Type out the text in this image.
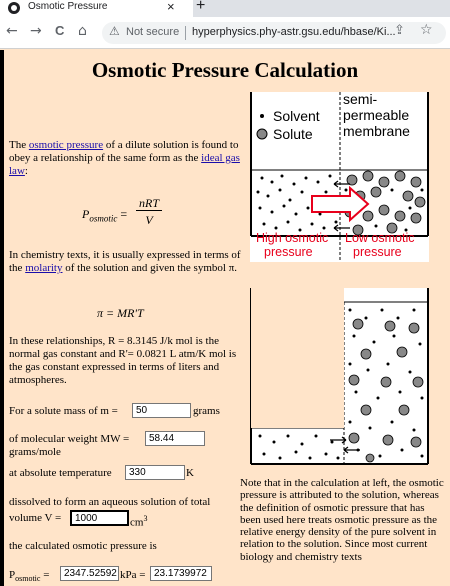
Osmotic Pressure	× +
← → C ⌂ ⚠ Not secure hyperphysics.phy-astr.gsu.edu/hbase/Ki...
⇪ ☆
Osmotic Pressure Calculation
The osmotic pressure of a dilute solution is found to obey a relationship of the same form as the ideal gas law:
$P_{osmotic}$ =
nRT
V
In chemistry texts, it is usually expressed in terms of the molarity of the solution and given the symbol π.
π = MR'T
In these relationships, R = 8.3145 J/k mol is the normal gas constant and R'= 0.0821 L atm/K mol is the gas constant expressed in terms of liters and atmospheres.
For a solute mass of m =	50	grams
of molecular weight MW =	58.44
grams/mole
at absolute temperature	330	K
dissolved to form an aqueous solution of total
volume V =	1000	$cm^3$
the calculated osmotic pressure is
$P_{osmotic}$ =	2347.52592 kPa = 23.1739972
Note that in the calculation at left, the osmotic pressure is attributed to the solution, whereas the definition of osmotic pressure that has been used here treats osmotic pressure as the relative energy density of the pure solvent in relation to the solution. Since most current biology and chemistry texts
Solvent
Solute
semi-
permeable
membrane
High osmotic
pressure
Low osmotic
pressure
